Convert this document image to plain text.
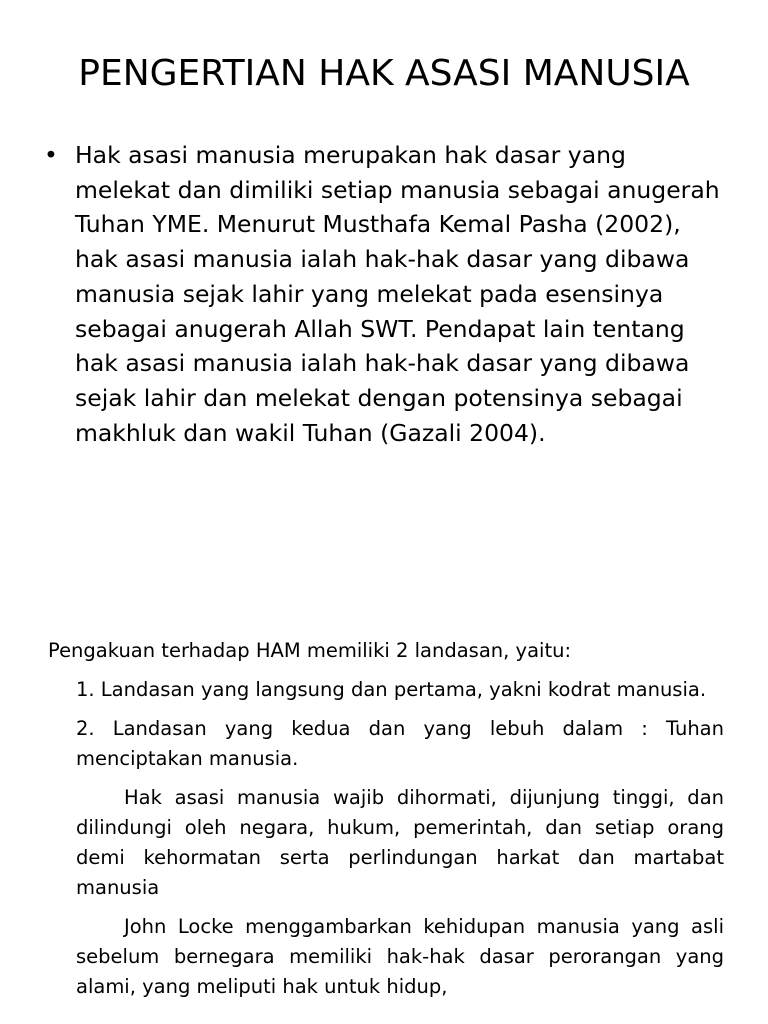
PENGERTIAN HAK ASASI MANUSIA
• Hak asasi manusia merupakan hak dasar yang melekat dan dimiliki setiap manusia sebagai anugerah Tuhan YME. Menurut Musthafa Kemal Pasha (2002), hak asasi manusia ialah hak-hak dasar yang dibawa manusia sejak lahir yang melekat pada esensinya sebagai anugerah Allah SWT. Pendapat lain tentang hak asasi manusia ialah hak-hak dasar yang dibawa sejak lahir dan melekat dengan potensinya sebagai makhluk dan wakil Tuhan (Gazali 2004).

Pengakuan terhadap HAM memiliki 2 landasan, yaitu:

1. Landasan yang langsung dan pertama, yakni kodrat manusia.

2. Landasan yang kedua dan yang lebuh dalam : Tuhan menciptakan manusia.

Hak asasi manusia wajib dihormati, dijunjung tinggi, dan dilindungi oleh negara, hukum, pemerintah, dan setiap orang demi kehormatan serta perlindungan harkat dan martabat manusia

John Locke menggambarkan kehidupan manusia yang asli sebelum bernegara memiliki hak-hak dasar perorangan yang alami, yang meliputi hak untuk hidup,
